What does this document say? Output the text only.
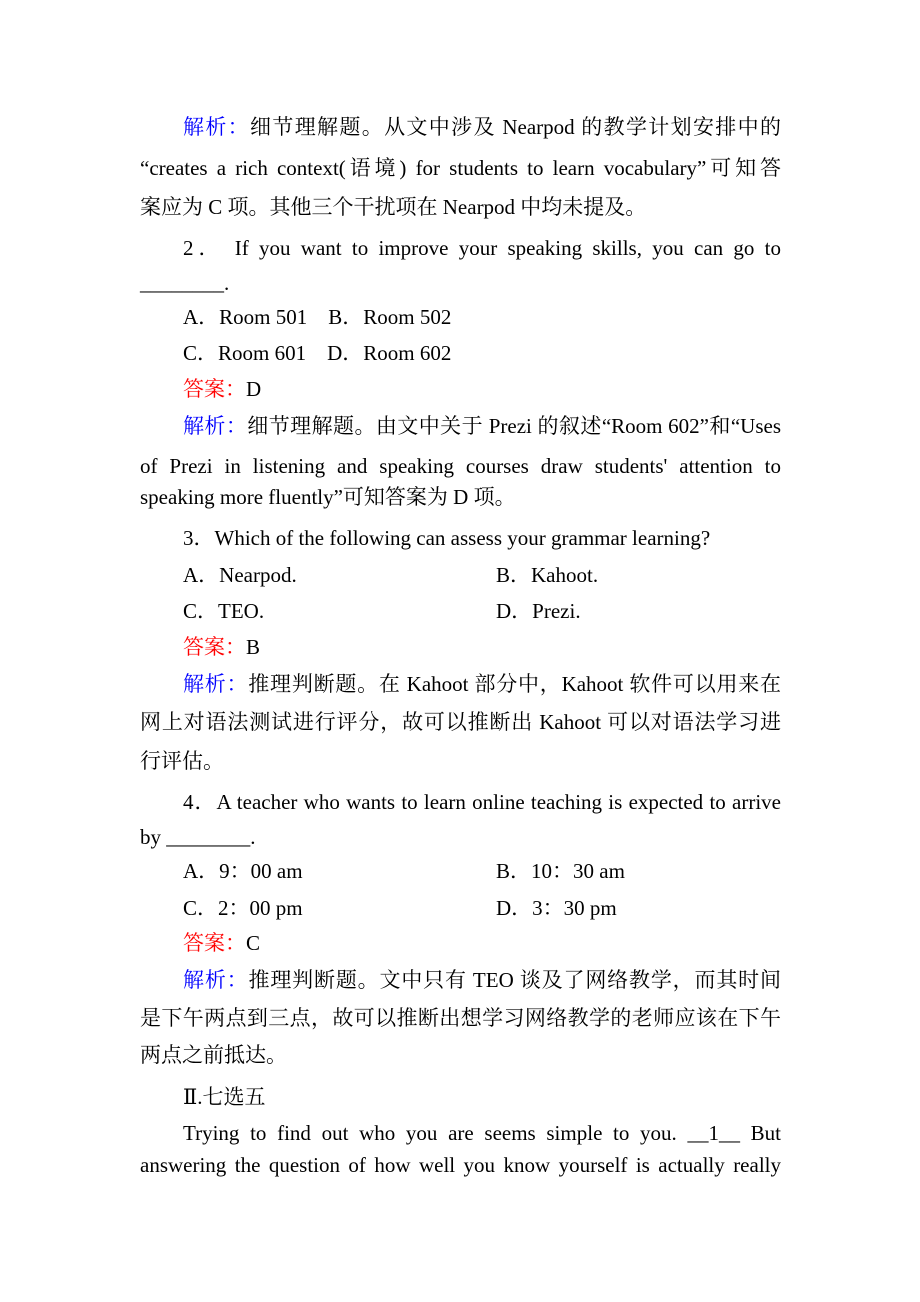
解析：细节理解题。从文中涉及 Nearpod 的教学计划安排中的
“creates a rich context(语境) for students to learn vocabulary”可知答
案应为 C 项。其他三个干扰项在 Nearpod 中均未提及。
2． If you want to improve your speaking skills, you can go to
________.
A．Room 501　B．Room 502
C．Room 601　D．Room 602
答案：D
解析：细节理解题。由文中关于 Prezi 的叙述“Room 602”和“Uses
of Prezi in listening and speaking courses draw students' attention to
speaking more fluently”可知答案为 D 项。
3．Which of the following can assess your grammar learning?
A．Nearpod.	B．Kahoot.
C．TEO.	D．Prezi.
答案：B
解析：推理判断题。在 Kahoot 部分中，Kahoot 软件可以用来在
网上对语法测试进行评分，故可以推断出 Kahoot 可以对语法学习进
行评估。
4．A teacher who wants to learn online teaching is expected to arrive
by ________.
A．9：00 am	B．10：30 am
C．2：00 pm	D．3：30 pm
答案：C
解析：推理判断题。文中只有 TEO 谈及了网络教学，而其时间
是下午两点到三点，故可以推断出想学习网络教学的老师应该在下午
两点之前抵达。
Ⅱ.七选五
Trying to find out who you are seems simple to you. __1__ But
answering the question of how well you know yourself is actually really
